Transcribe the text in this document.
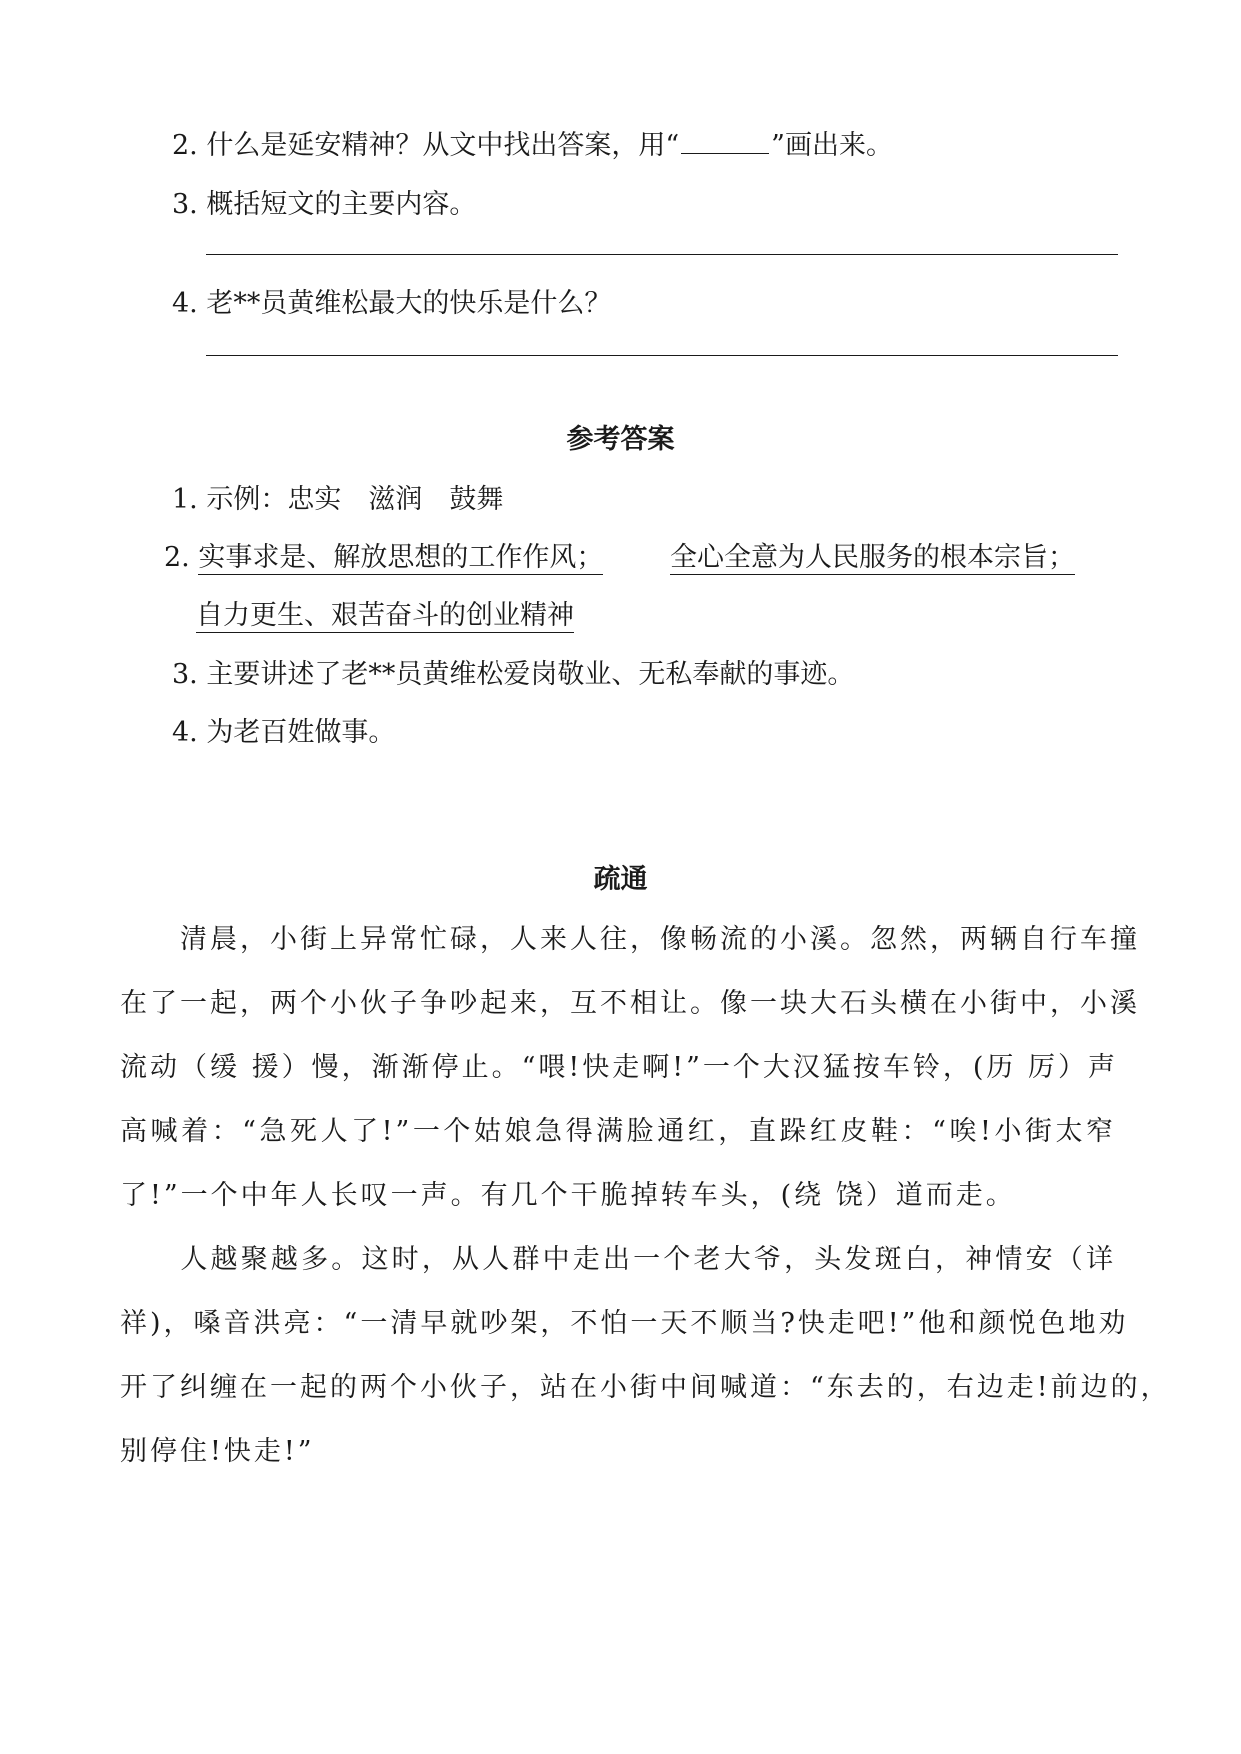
2. 什么是延安精神？从文中找出答案，用“	”画出来。
3. 概括短文的主要内容。
4. 老**员黄维松最大的快乐是什么？
参考答案
1. 示例：忠实　滋润　鼓舞
2. 实事求是、解放思想的工作作风； 全心全意为人民服务的根本宗旨；
自力更生、艰苦奋斗的创业精神
3. 主要讲述了老**员黄维松爱岗敬业、无私奉献的事迹。
4. 为老百姓做事。
疏通
　　清晨，小街上异常忙碌，人来人往，像畅流的小溪。忽然，两辆自行车撞
在了一起，两个小伙子争吵起来，互不相让。像一块大石头横在小街中，小溪
流动（缓 援）慢，渐渐停止。“喂!快走啊!”一个大汉猛按车铃，(历 厉）声
高喊着：“急死人了!”一个姑娘急得满脸通红，直跺红皮鞋：“唉!小街太窄
了!”一个中年人长叹一声。有几个干脆掉转车头，(绕 饶）道而走。
　　人越聚越多。这时，从人群中走出一个老大爷，头发斑白，神情安（详
祥)，嗓音洪亮：“一清早就吵架，不怕一天不顺当?快走吧!”他和颜悦色地劝
开了纠缠在一起的两个小伙子，站在小街中间喊道：“东去的，右边走!前边的，
别停住!快走!”
